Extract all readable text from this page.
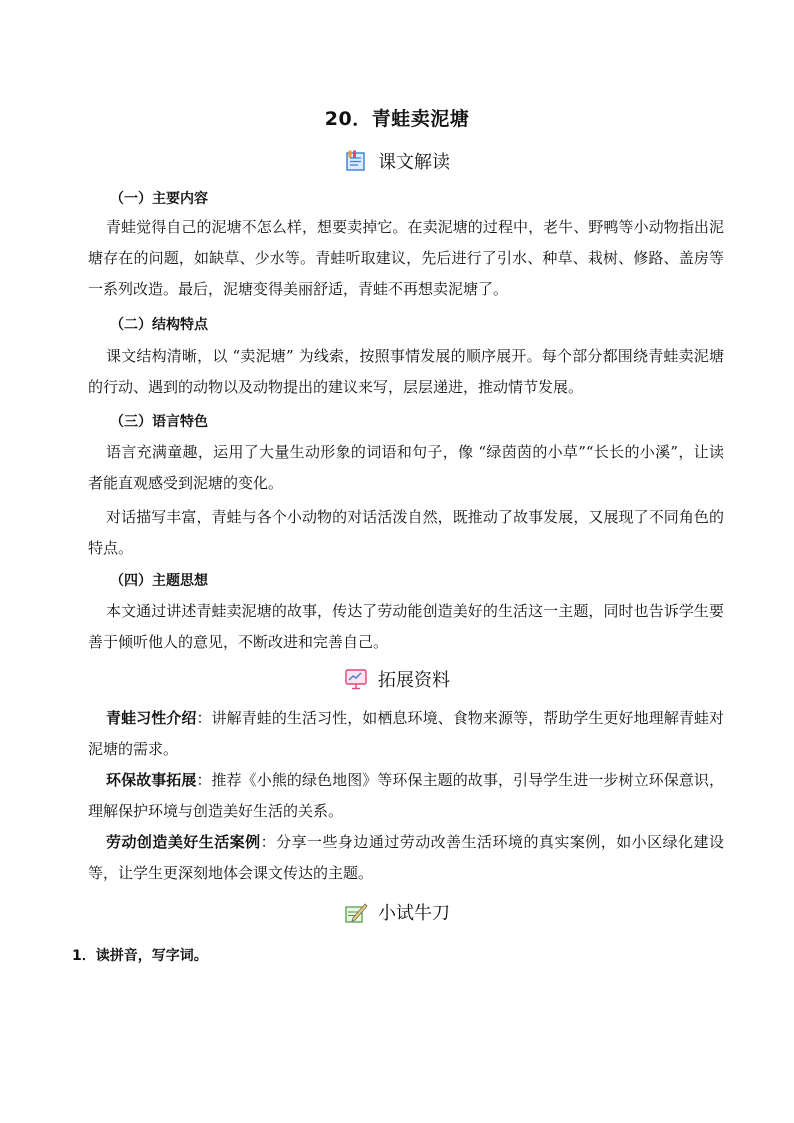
20．青蛙卖泥塘
课文解读
（一）主要内容

青蛙觉得自己的泥塘不怎么样，想要卖掉它。在卖泥塘的过程中，老牛、野鸭等小动物指出泥塘存在的问题，如缺草、少水等。青蛙听取建议，先后进行了引水、种草、栽树、修路、盖房等一系列改造。最后，泥塘变得美丽舒适，青蛙不再想卖泥塘了。

（二）结构特点

课文结构清晰，以 “卖泥塘” 为线索，按照事情发展的顺序展开。每个部分都围绕青蛙卖泥塘的行动、遇到的动物以及动物提出的建议来写，层层递进，推动情节发展。

（三）语言特色

语言充满童趣，运用了大量生动形象的词语和句子，像 “绿茵茵的小草”“长长的小溪”，让读者能直观感受到泥塘的变化。

对话描写丰富，青蛙与各个小动物的对话活泼自然，既推动了故事发展，又展现了不同角色的特点。

（四）主题思想

本文通过讲述青蛙卖泥塘的故事，传达了劳动能创造美好的生活这一主题，同时也告诉学生要善于倾听他人的意见，不断改进和完善自己。

拓展资料

青蛙习性介绍：讲解青蛙的生活习性，如栖息环境、食物来源等，帮助学生更好地理解青蛙对泥塘的需求。

环保故事拓展：推荐《小熊的绿色地图》等环保主题的故事，引导学生进一步树立环保意识，理解保护环境与创造美好生活的关系。

劳动创造美好生活案例：分享一些身边通过劳动改善生活环境的真实案例，如小区绿化建设等，让学生更深刻地体会课文传达的主题。

小试牛刀
1．读拼音，写字词。
